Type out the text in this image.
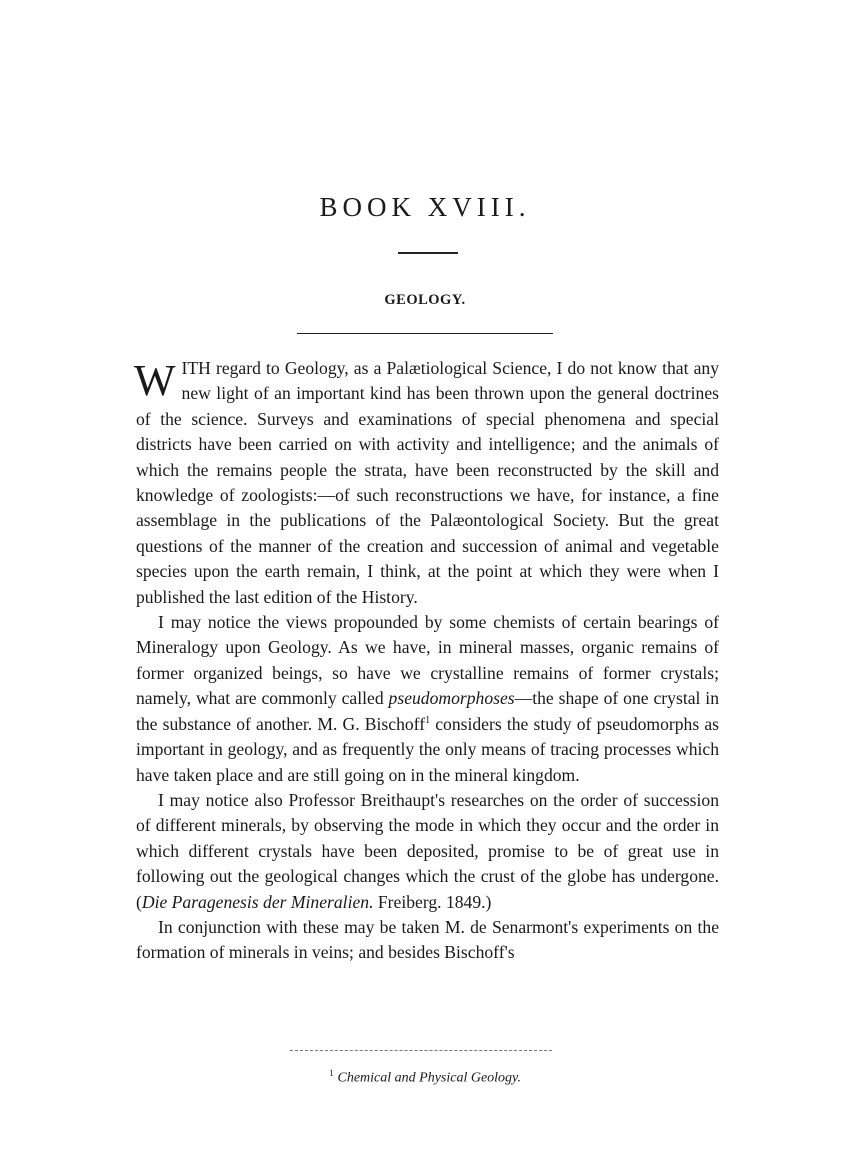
BOOK XVIII.
GEOLOGY.

WITH regard to Geology, as a Palætiological Science, I do not know that any new light of an important kind has been thrown upon the general doctrines of the science. Surveys and examinations of special phenomena and special districts have been carried on with activity and intelligence; and the animals of which the remains people the strata, have been reconstructed by the skill and knowledge of zoologists:—of such reconstructions we have, for instance, a fine assemblage in the publications of the Palæontological Society. But the great questions of the manner of the creation and succession of animal and vegetable species upon the earth remain, I think, at the point at which they were when I published the last edition of the History.

I may notice the views propounded by some chemists of certain bearings of Mineralogy upon Geology. As we have, in mineral masses, organic remains of former organized beings, so have we crystalline remains of former crystals; namely, what are commonly called pseudomorphoses—the shape of one crystal in the substance of another. M. G. Bischoff$^1$ considers the study of pseudomorphs as important in geology, and as frequently the only means of tracing processes which have taken place and are still going on in the mineral kingdom.

I may notice also Professor Breithaupt's researches on the order of succession of different minerals, by observing the mode in which they occur and the order in which different crystals have been deposited, promise to be of great use in following out the geological changes which the crust of the globe has undergone. (Die Paragenesis der Mineralien. Freiberg. 1849.)

In conjunction with these may be taken M. de Senarmont's experiments on the formation of minerals in veins; and besides Bischoff's

$^1$ Chemical and Physical Geology.
